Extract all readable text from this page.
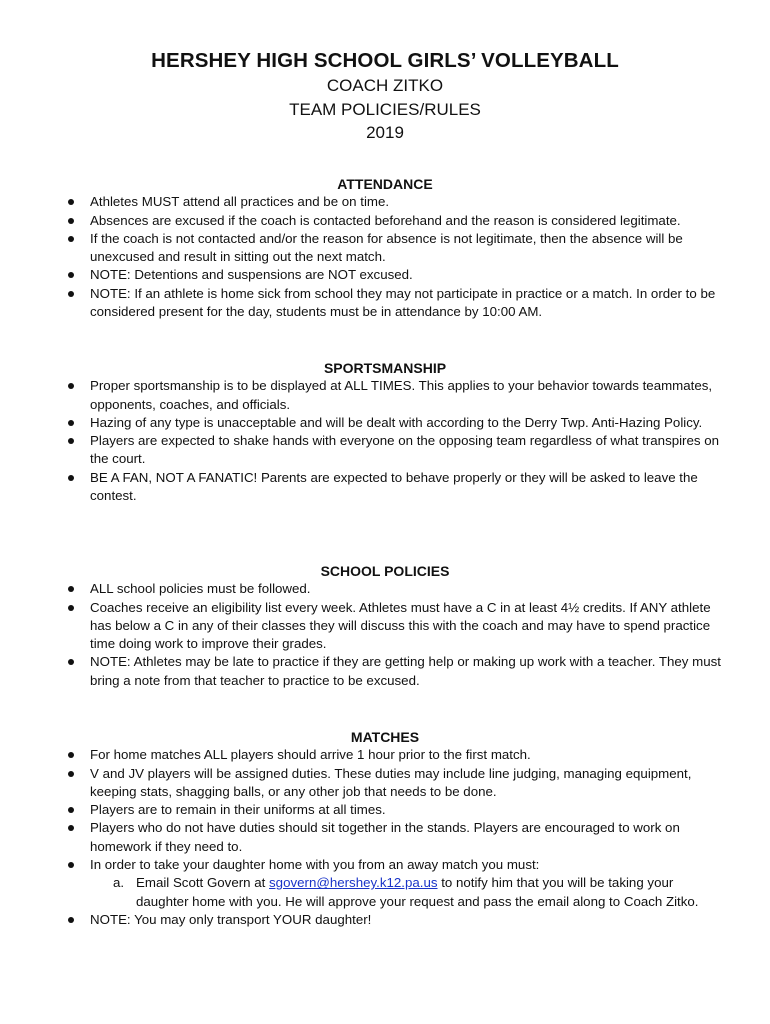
HERSHEY HIGH SCHOOL GIRLS’ VOLLEYBALL
COACH ZITKO
TEAM POLICIES/RULES
2019
ATTENDANCE
Athletes MUST attend all practices and be on time.
Absences are excused if the coach is contacted beforehand and the reason is considered legitimate.
If the coach is not contacted and/or the reason for absence is not legitimate, then the absence will be unexcused and result in sitting out the next match.
NOTE: Detentions and suspensions are NOT excused.
NOTE: If an athlete is home sick from school they may not participate in practice or a match. In order to be considered present for the day, students must be in attendance by 10:00 AM.
SPORTSMANSHIP
Proper sportsmanship is to be displayed at ALL TIMES. This applies to your behavior towards teammates, opponents, coaches, and officials.
Hazing of any type is unacceptable and will be dealt with according to the Derry Twp. Anti-Hazing Policy.
Players are expected to shake hands with everyone on the opposing team regardless of what transpires on the court.
BE A FAN, NOT A FANATIC! Parents are expected to behave properly or they will be asked to leave the contest.
SCHOOL POLICIES
ALL school policies must be followed.
Coaches receive an eligibility list every week. Athletes must have a C in at least 4½ credits. If ANY athlete has below a C in any of their classes they will discuss this with the coach and may have to spend practice time doing work to improve their grades.
NOTE: Athletes may be late to practice if they are getting help or making up work with a teacher. They must bring a note from that teacher to practice to be excused.
MATCHES
For home matches ALL players should arrive 1 hour prior to the first match.
V and JV players will be assigned duties. These duties may include line judging, managing equipment, keeping stats, shagging balls, or any other job that needs to be done.
Players are to remain in their uniforms at all times.
Players who do not have duties should sit together in the stands. Players are encouraged to work on homework if they need to.
In order to take your daughter home with you from an away match you must:
a. Email Scott Govern at sgovern@hershey.k12.pa.us to notify him that you will be taking your daughter home with you. He will approve your request and pass the email along to Coach Zitko.
NOTE: You may only transport YOUR daughter!
